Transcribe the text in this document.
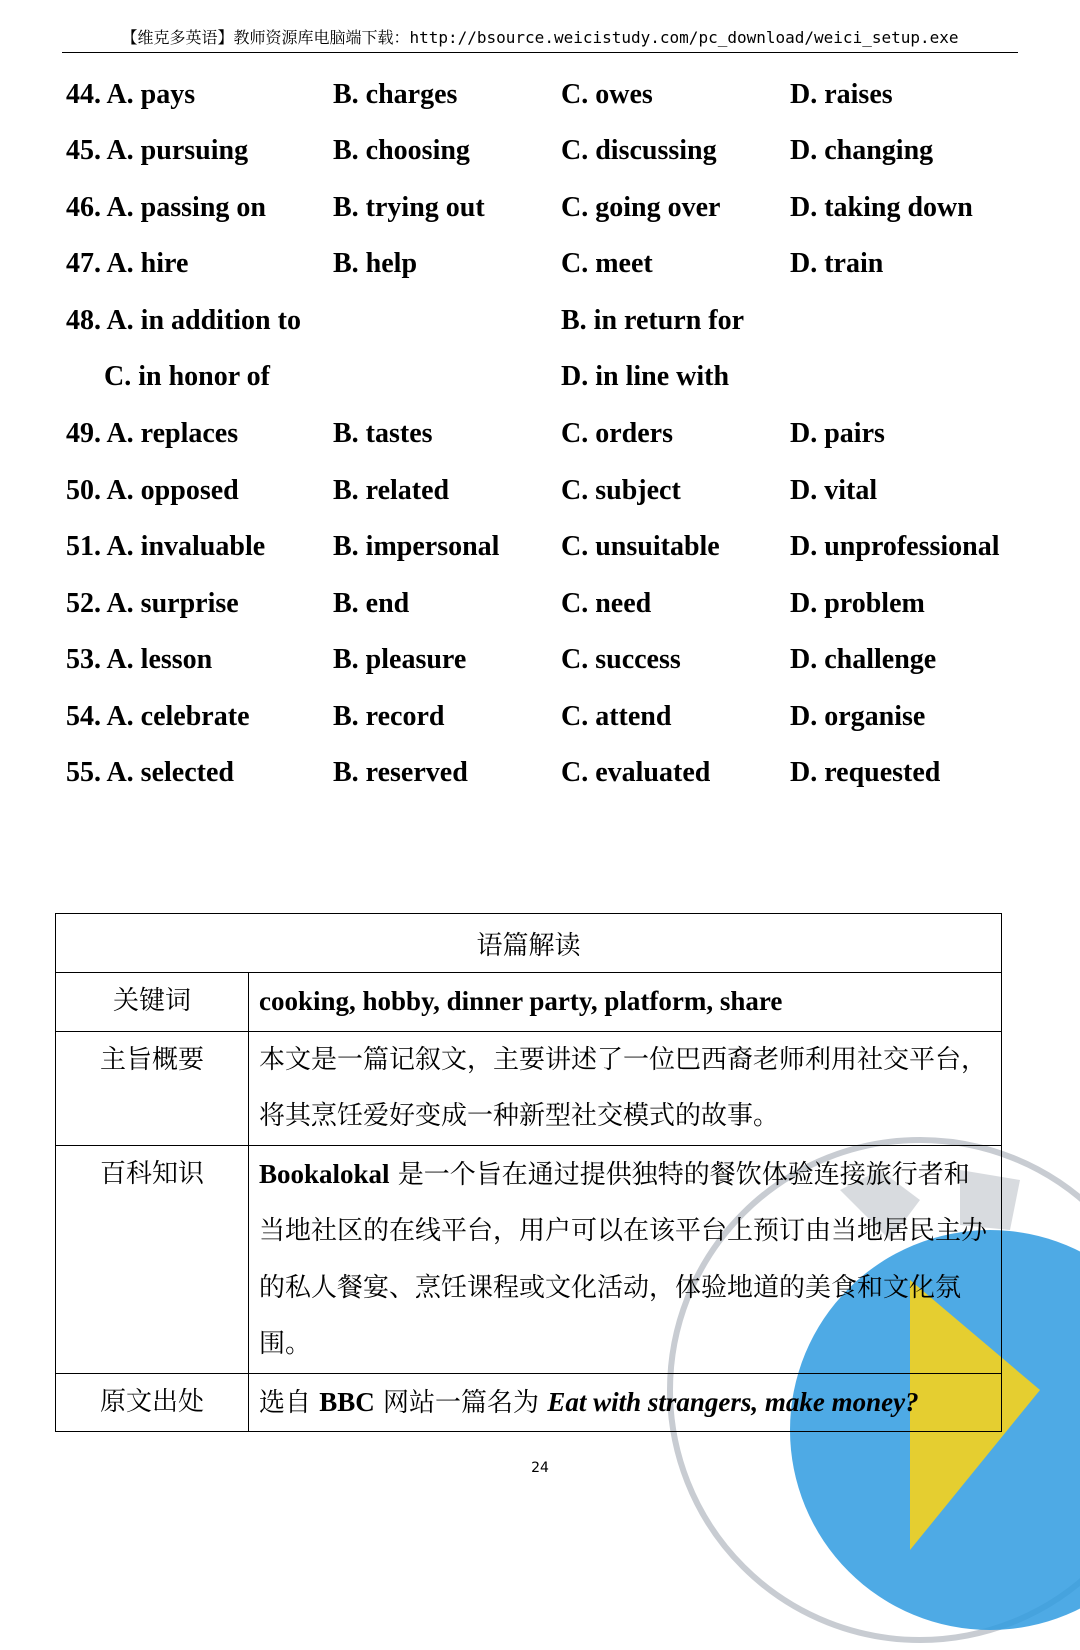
【维克多英语】教师资源库电脑端下载：http://bsource.weicistudy.com/pc_download/weici_setup.exe
44. A. pays	B. charges	C. owes	D. raises
45. A. pursuing	B. choosing	C. discussing	D. changing
46. A. passing on B. trying out	C. going over D. taking down
47. A. hire	B. help	C. meet	D. train
48. A. in addition to	B. in return for
C. in honor of	D. in line with
49. A. replaces	B. tastes	C. orders	D. pairs
50. A. opposed	B. related	C. subject	D. vital
51. A. invaluable B. impersonal C. unsuitable	D. unprofessional
52. A. surprise	B. end	C. need	D. problem
53. A. lesson	B. pleasure	C. success	D. challenge
54. A. celebrate	B. record	C. attend	D. organise
55. A. selected	B. reserved	C. evaluated	D. requested
语篇解读	
关键词	cooking, hobby, dinner party, platform, share
主旨概要	本文是一篇记叙文，主要讲述了一位巴西裔老师利用社交平台，将其烹饪爱好变成一种新型社交模式的故事。
百科知识	Bookalokal 是一个旨在通过提供独特的餐饮体验连接旅行者和当地社区的在线平台，用户可以在该平台上预订由当地居民主办的私人餐宴、烹饪课程或文化活动，体验地道的美食和文化氛围。
原文出处	选自 BBC 网站一篇名为 Eat with strangers, make money?
24
